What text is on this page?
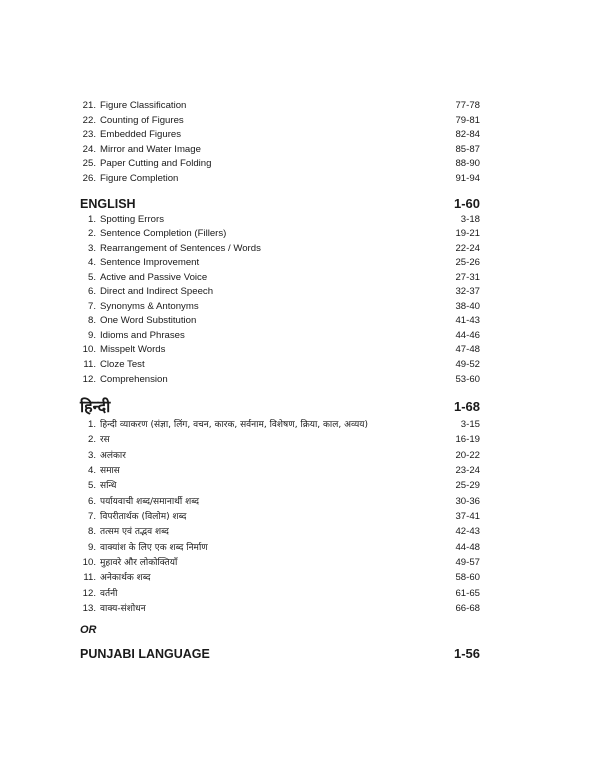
21. Figure Classification	77-78
22. Counting of Figures	79-81
23. Embedded Figures	82-84
24. Mirror and Water Image	85-87
25. Paper Cutting and Folding	88-90
26. Figure Completion	91-94
ENGLISH	1-60
1. Spotting Errors	3-18
2. Sentence Completion (Fillers)	19-21
3. Rearrangement of Sentences / Words	22-24
4. Sentence Improvement	25-26
5. Active and Passive Voice	27-31
6. Direct and Indirect Speech	32-37
7. Synonyms & Antonyms	38-40
8. One Word Substitution	41-43
9. Idioms and Phrases	44-46
10. Misspelt Words	47-48
11. Cloze Test	49-52
12. Comprehension	53-60
हिन्दी	1-68
1. हिन्दी व्याकरण (संज्ञा, लिंग, वचन, कारक, सर्वनाम, विशेषण, क्रिया, काल, अव्यय)	3-15
2. रस	16-19
3. अलंकार	20-22
4. समास	23-24
5. सन्धि	25-29
6. पर्यायवाची शब्द/समानार्थी शब्द	30-36
7. विपरीतार्थक (विलोम) शब्द	37-41
8. तत्सम एवं तद्भव शब्द	42-43
9. वाक्यांश के लिए एक शब्द निर्माण	44-48
10. मुहावरे और लोकोक्तियाँ	49-57
11. अनेकार्थक शब्द	58-60
12. वर्तनी	61-65
13. वाक्य-संशोधन	66-68
OR
PUNJABI LANGUAGE	1-56
